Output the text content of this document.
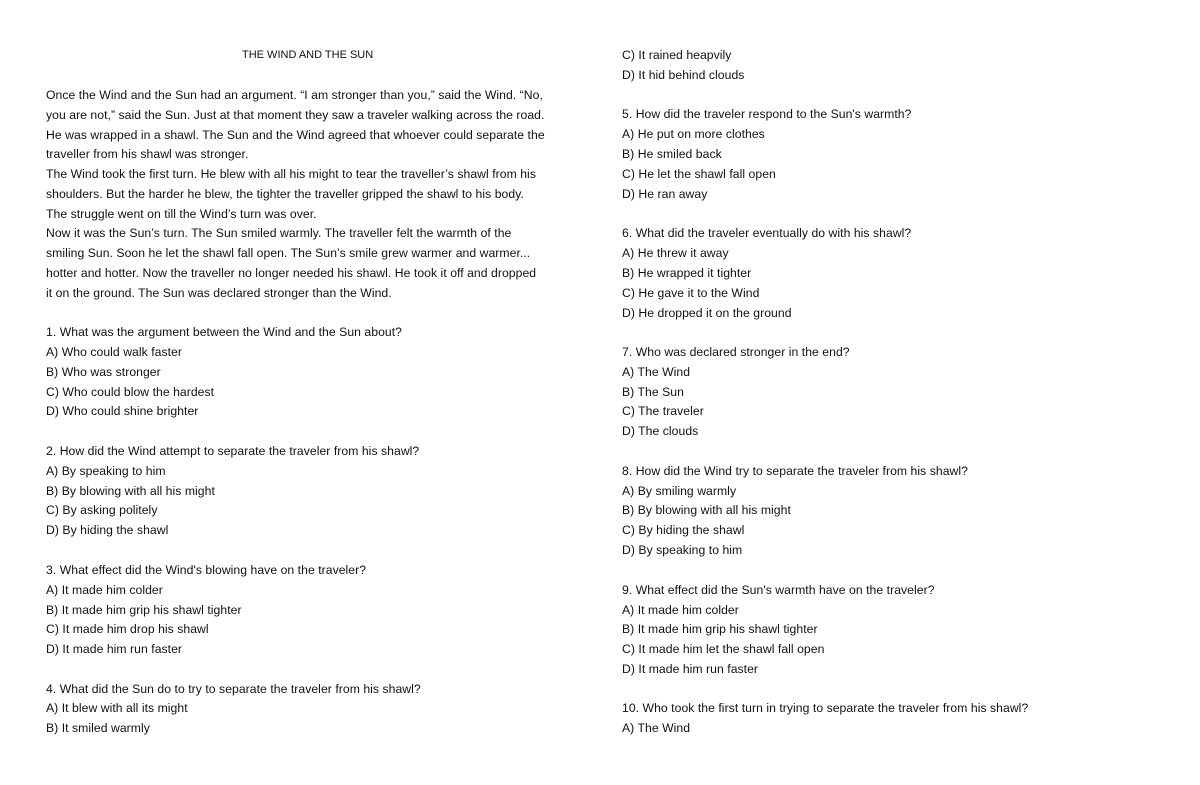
THE WIND AND THE SUN
Once the Wind and the Sun had an argument. “I am stronger than you,” said the Wind. “No,
you are not,” said the Sun. Just at that moment they saw a traveler walking across the road.
He was wrapped in a shawl. The Sun and the Wind agreed that whoever could separate the
traveller from his shawl was stronger.
The Wind took the first turn. He blew with all his might to tear the traveller’s shawl from his
shoulders. But the harder he blew, the tighter the traveller gripped the shawl to his body.
The struggle went on till the Wind’s turn was over.
Now it was the Sun’s turn. The Sun smiled warmly. The traveller felt the warmth of the
smiling Sun. Soon he let the shawl fall open. The Sun’s smile grew warmer and warmer...
hotter and hotter. Now the traveller no longer needed his shawl. He took it off and dropped
it on the ground. The Sun was declared stronger than the Wind.
1. What was the argument between the Wind and the Sun about?
A) Who could walk faster
B) Who was stronger
C) Who could blow the hardest
D) Who could shine brighter
2. How did the Wind attempt to separate the traveler from his shawl?
A) By speaking to him
B) By blowing with all his might
C) By asking politely
D) By hiding the shawl
3. What effect did the Wind's blowing have on the traveler?
A) It made him colder
B) It made him grip his shawl tighter
C) It made him drop his shawl
D) It made him run faster
4. What did the Sun do to try to separate the traveler from his shawl?
A) It blew with all its might
B) It smiled warmly
C) It rained heapvily
D) It hid behind clouds
5. How did the traveler respond to the Sun's warmth?
A) He put on more clothes
B) He smiled back
C) He let the shawl fall open
D) He ran away
6. What did the traveler eventually do with his shawl?
A) He threw it away
B) He wrapped it tighter
C) He gave it to the Wind
D) He dropped it on the ground
7. Who was declared stronger in the end?
A) The Wind
B) The Sun
C) The traveler
D) The clouds
8. How did the Wind try to separate the traveler from his shawl?
A) By smiling warmly
B) By blowing with all his might
C) By hiding the shawl
D) By speaking to him
9. What effect did the Sun's warmth have on the traveler?
A) It made him colder
B) It made him grip his shawl tighter
C) It made him let the shawl fall open
D) It made him run faster
10. Who took the first turn in trying to separate the traveler from his shawl?
A) The Wind
